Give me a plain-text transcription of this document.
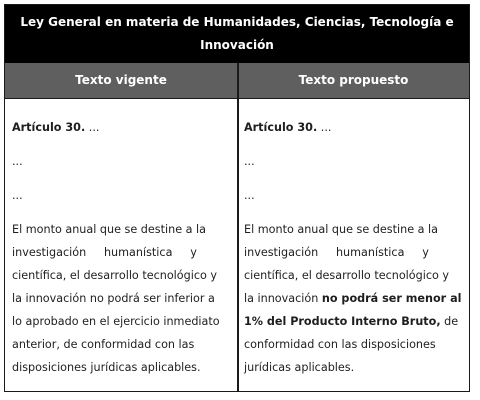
Ley General en materia de Humanidades, Ciencias, Tecnología e
Innovación
Texto vigente	Texto propuesto

Artículo 30. ...

...

...

El monto anual que se destine a la

investigación     humanística     y

científica, el desarrollo tecnológico y

la innovación no podrá ser inferior a

lo aprobado en el ejercicio inmediato

anterior, de conformidad con las

disposiciones jurídicas aplicables.

Artículo 30. ...

...

...

El monto anual que se destine a la

investigación     humanística     y

científica, el desarrollo tecnológico y

la innovación no podrá ser menor al

1% del Producto Interno Bruto, de

conformidad con las disposiciones

jurídicas aplicables.
